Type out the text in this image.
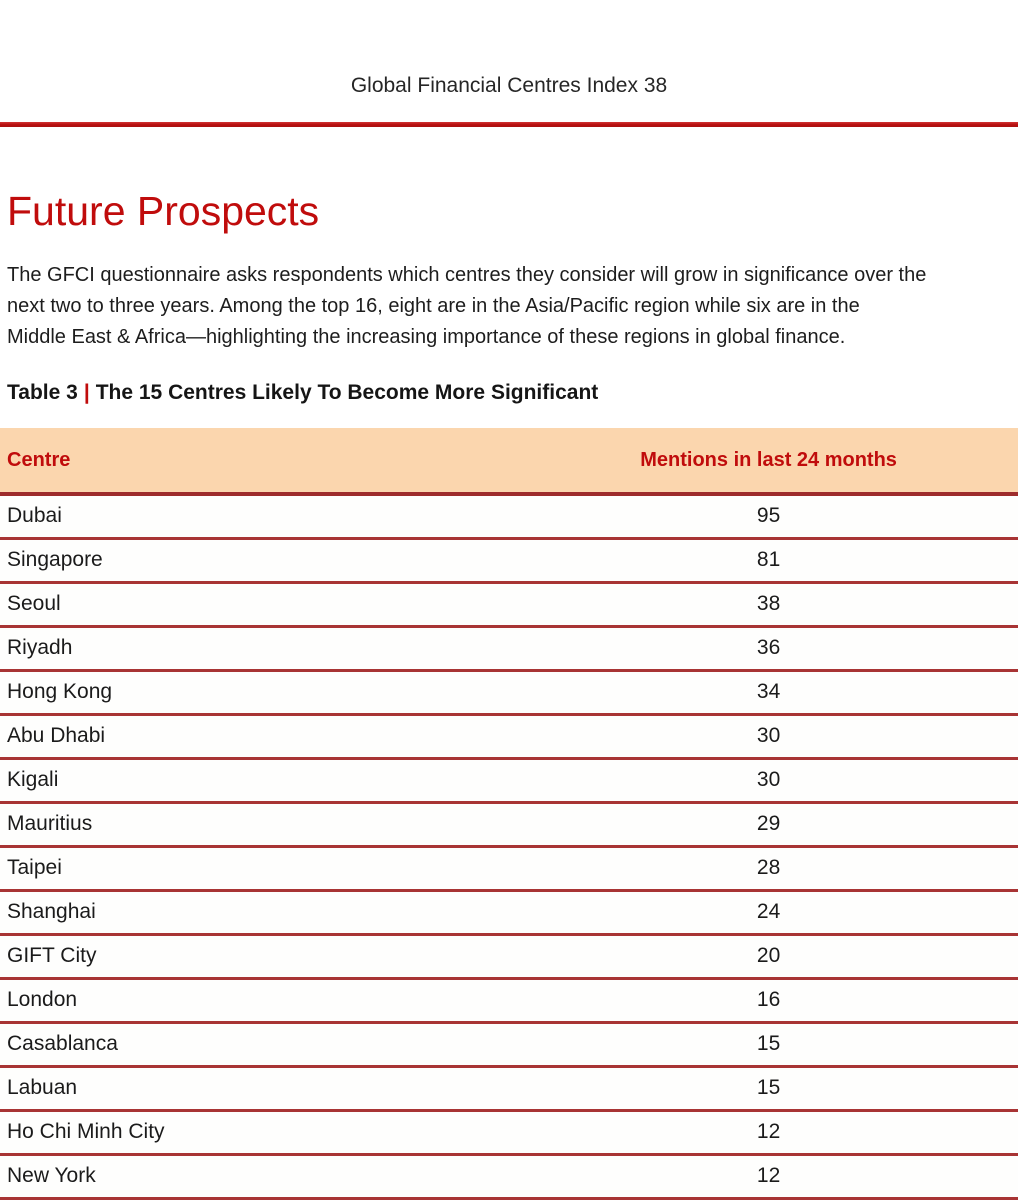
Global Financial Centres Index 38
Future Prospects
The GFCI questionnaire asks respondents which centres they consider will grow in significance over the
next two to three years. Among the top 16, eight are in the Asia/Pacific region while six are in the
Middle East & Africa—highlighting the increasing importance of these regions in global finance.
Table 3 | The 15 Centres Likely To Become More Significant
Centre	Mentions in last 24 months
Dubai	95
Singapore	81
Seoul	38
Riyadh	36
Hong Kong	34
Abu Dhabi	30
Kigali	30
Mauritius	29
Taipei	28
Shanghai	24
GIFT City	20
London	16
Casablanca	15
Labuan	15
Ho Chi Minh City	12
New York	12
